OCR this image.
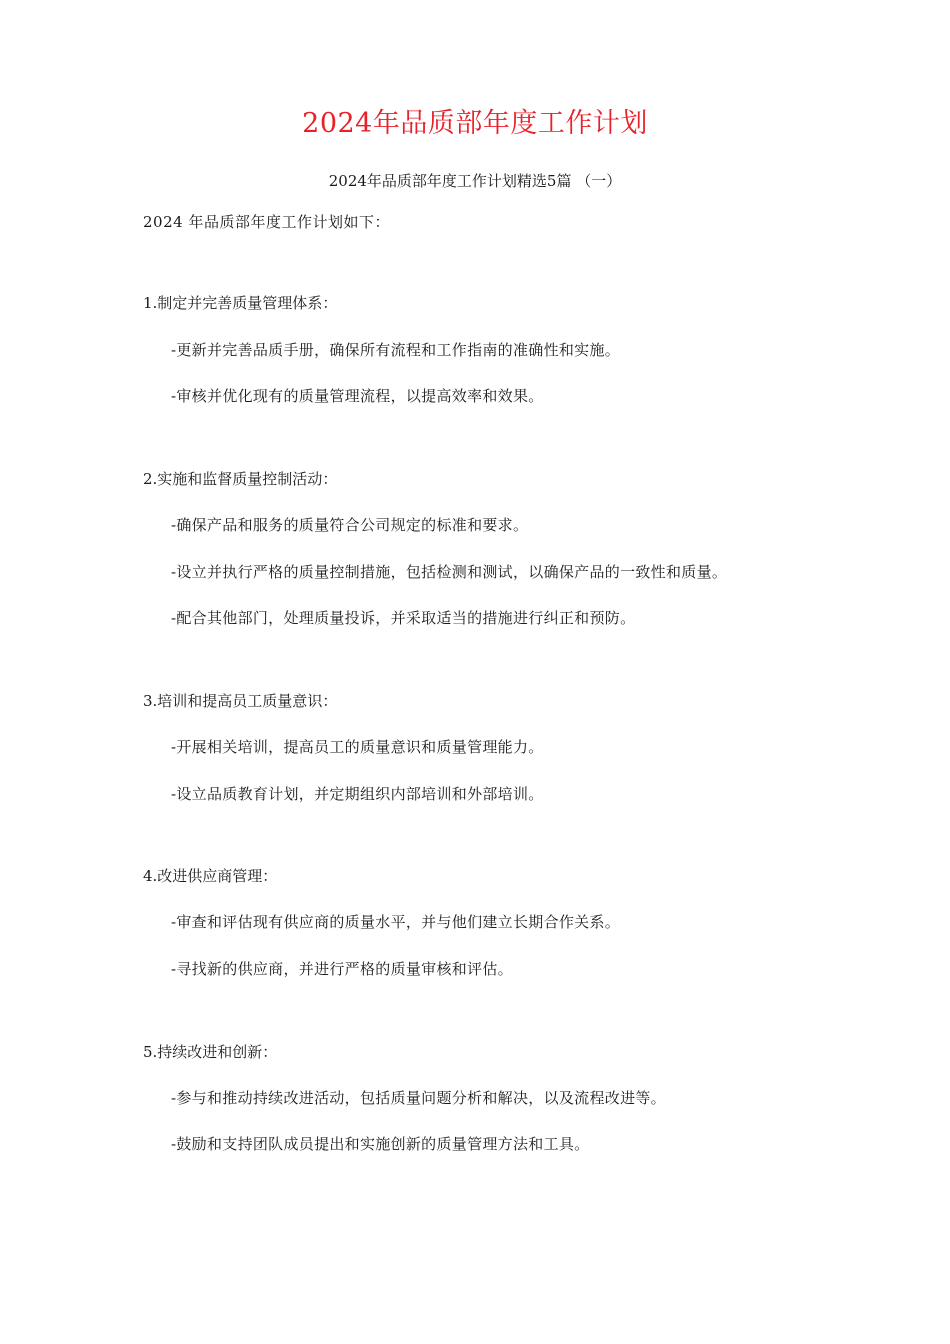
2024年品质部年度工作计划
2024年品质部年度工作计划精选5篇 （一）
2024 年品质部年度工作计划如下：
1.制定并完善质量管理体系：
-更新并完善品质手册，确保所有流程和工作指南的准确性和实施。
-审核并优化现有的质量管理流程，以提高效率和效果。
2.实施和监督质量控制活动：
-确保产品和服务的质量符合公司规定的标准和要求。
-设立并执行严格的质量控制措施，包括检测和测试，以确保产品的一致性和质量。
-配合其他部门，处理质量投诉，并采取适当的措施进行纠正和预防。
3.培训和提高员工质量意识：
-开展相关培训，提高员工的质量意识和质量管理能力。
-设立品质教育计划，并定期组织内部培训和外部培训。
4.改进供应商管理：
-审查和评估现有供应商的质量水平，并与他们建立长期合作关系。
-寻找新的供应商，并进行严格的质量审核和评估。
5.持续改进和创新：
-参与和推动持续改进活动，包括质量问题分析和解决，以及流程改进等。
-鼓励和支持团队成员提出和实施创新的质量管理方法和工具。
